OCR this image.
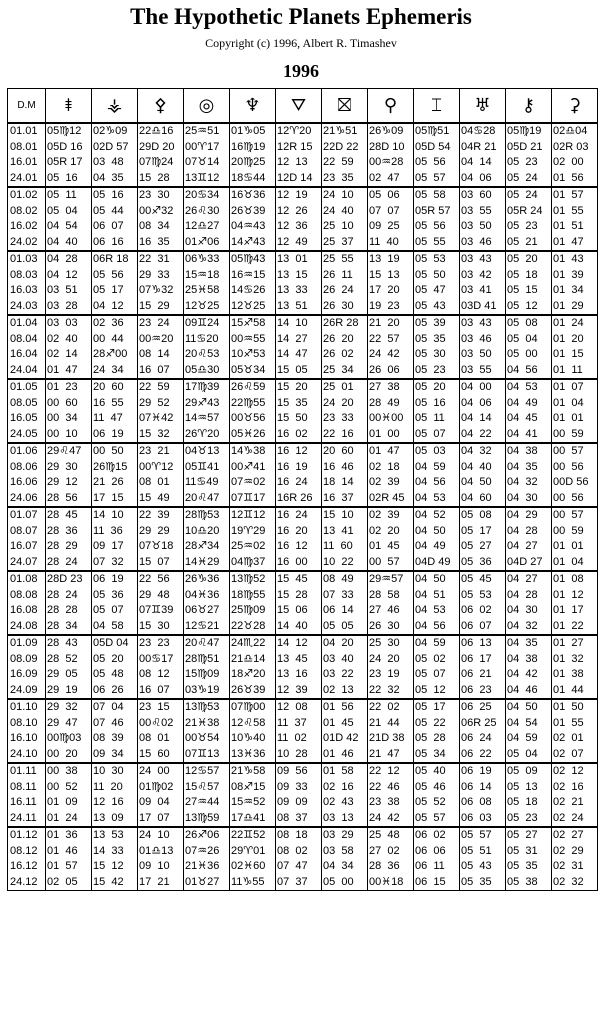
The Hypothetic Planets Ephemeris
Copyright (c) 1996, Albert R. Timashev
1996
D.M	⯒	⚶	⚴	◎	♆	⛛	⛝	⚲	⌶	♅	⚷	⚳
01.01	05♍12	02♑09	22♎16	25♒51	01♑05	12♈20	21♑51	26♑09	05♍51	04♋28	05♍19	02♎04
08.01	05D 16	02D 57	29D 20	00♈17	16♍19	12R 15	22D 22	28D 10	05D 54	04R 21	05D 21	02R 03
16.01	05R 17	03  48	07♍24	07♉14	20♍25	12  13	22  59	00♒28	05  56	04  14	05  23	02  00
24.01	05  16	04  35	15  28	13♊12	18♋44	12D 14	23  35	02  47	05  57	04  06	05  24	01  56
01.02	05  11	05  16	23  30	20♋34	16♉36	12  19	24  10	05  06	05  58	03  60	05  24	01  57
08.02	05  04	05  44	00♐32	26♌30	26♉39	12  26	24  40	07  07	05R 57	03  55	05R 24	01  55
16.02	04  54	06  07	08  34	12♎27	04♒43	12  36	25  10	09  25	05  56	03  50	05  23	01  51
24.02	04  40	06  16	16  35	01♐06	14♐43	12  49	25  37	11  40	05  55	03  46	05  21	01  47
01.03	04  28	06R 18	22  31	06♑33	05♍43	13  01	25  55	13  19	05  53	03  43	05  20	01  43
08.03	04  12	05  56	29  33	15♒18	16♒15	13  15	26  11	15  13	05  50	03  42	05  18	01  39
16.03	03  51	05  17	07♑32	25♓58	14♋26	13  33	26  24	17  20	05  47	03  41	05  15	01  34
24.03	03  28	04  12	15  29	12♉25	12♉25	13  51	26  30	19  23	05  43	03D 41	05  12	01  29
01.04	03  03	02  36	23  24	09♊24	15♐58	14  10	26R 28	21  20	05  39	03  43	05  08	01  24
08.04	02  40	00  44	00♒20	11♋20	00♒55	14  27	26  20	22  57	05  35	03  46	05  04	01  20
16.04	02  14	28♐00	08  14	20♌53	10♐53	14  47	26  02	24  42	05  30	03  50	05  00	01  15
24.04	01  47	24  34	16  07	05♎30	05♉34	15  05	25  34	26  06	05  23	03  55	04  56	01  11
01.05	01  23	20  60	22  59	17♍39	26♌59	15  20	25  01	27  38	05  20	04  00	04  53	01  07
08.05	00  60	16  55	29  52	29♐43	22♍55	15  35	24  20	28  49	05  16	04  06	04  49	01  04
16.05	00  34	11  47	07♓42	14♒57	00♉56	15  50	23  33	00♓00	05  11	04  14	04  45	01  01
24.05	00  10	06  19	15  32	26♈20	05♓26	16  02	22  16	01  00	05  07	04  22	04  41	00  59
01.06	29♌47	00  50	23  21	04♉13	14♑38	16  12	20  60	01  47	05  03	04  32	04  38	00  57
08.06	29  30	26♍15	00♈12	05♊41	00♐41	16  19	16  46	02  18	04  59	04  40	04  35	00  56
16.06	29  12	21  26	08  01	11♋49	07♒02	16  24	18  14	02  39	04  56	04  50	04  32	00D 56
24.06	28  56	17  15	15  49	20♌47	07♊17	16R 26	16  37	02R 45	04  53	04  60	04  30	00  56
01.07	28  45	14  10	22  39	28♍53	12♊12	16  24	15  10	02  39	04  52	05  08	04  29	00  57
08.07	28  36	11  36	29  29	10♎20	19♈29	16  20	13  41	02  20	04  50	05  17	04  28	00  59
16.07	28  29	09  17	07♉18	28♐34	25♒02	16  12	11  60	01  45	04  49	05  27	04  27	01  01
24.07	28  24	07  32	15  07	14♓29	04♍37	16  00	10  22	00  57	04D 49	05  36	04D 27	01  04
01.08	28D 23	06  19	22  56	26♑36	13♍52	15  45	08  49	29♒57	04  50	05  45	04  27	01  08
08.08	28  24	05  36	29  48	04♓36	18♍55	15  28	07  33	28  58	04  51	05  53	04  28	01  12
16.08	28  28	05  07	07♊39	06♉27	25♍09	15  06	06  14	27  46	04  53	06  02	04  30	01  17
24.08	28  34	04  58	15  30	12♋21	22♉28	14  40	05  05	26  30	04  56	06  07	04  32	01  22
01.09	28  43	05D 04	23  23	20♌47	24♏22	14  12	04  20	25  30	04  59	06  13	04  35	01  27
08.09	28  52	05  20	00♋17	28♍51	21♎14	13  45	03  40	24  20	05  02	06  17	04  38	01  32
16.09	29  05	05  48	08  12	15♍09	18♐20	13  16	03  22	23  19	05  07	06  21	04  42	01  38
24.09	29  19	06  26	16  07	03♑19	26♉39	12  39	02  13	22  32	05  12	06  23	04  46	01  44
01.10	29  32	07  04	23  15	13♍53	07♍00	12  08	01  56	22  02	05  17	06  25	04  50	01  50
08.10	29  47	07  46	00♌02	21♓38	12♌58	11  37	01  45	21  44	05  22	06R 25	04  54	01  55
16.10	00♍03	08  39	08  01	00♉54	10♑40	11  02	01D 42	21D 38	05  28	06  24	04  59	02  01
24.10	00  20	09  34	15  60	07♊13	13♓36	10  28	01  46	21  47	05  34	06  22	05  04	02  07
01.11	00  38	10  30	24  00	12♋57	21♑58	09  56	01  58	22  12	05  40	06  19	05  09	02  12
08.11	00  52	11  20	01♍02	15♌57	08♐15	09  33	02  16	22  46	05  46	06  14	05  13	02  16
16.11	01  09	12  16	09  04	27♒44	15♒52	09  09	02  43	23  38	05  52	06  08	05  18	02  21
24.11	01  24	13  09	17  07	13♍59	17♎41	08  37	03  13	24  42	05  57	06  03	05  23	02  24
01.12	01  36	13  53	24  10	26♐06	22♊52	08  18	03  29	25  48	06  02	05  57	05  27	02  27
08.12	01  46	14  33	01♎13	07♒26	29♈01	08  02	03  58	27  02	06  06	05  51	05  31	02  29
16.12	01  57	15  12	09  10	21♓36	02♓60	07  47	04  34	28  36	06  11	05  43	05  35	02  31
24.12	02  05	15  42	17  21	01♉27	11♑55	07  37	05  00	00♓18	06  15	05  35	05  38	02  32
